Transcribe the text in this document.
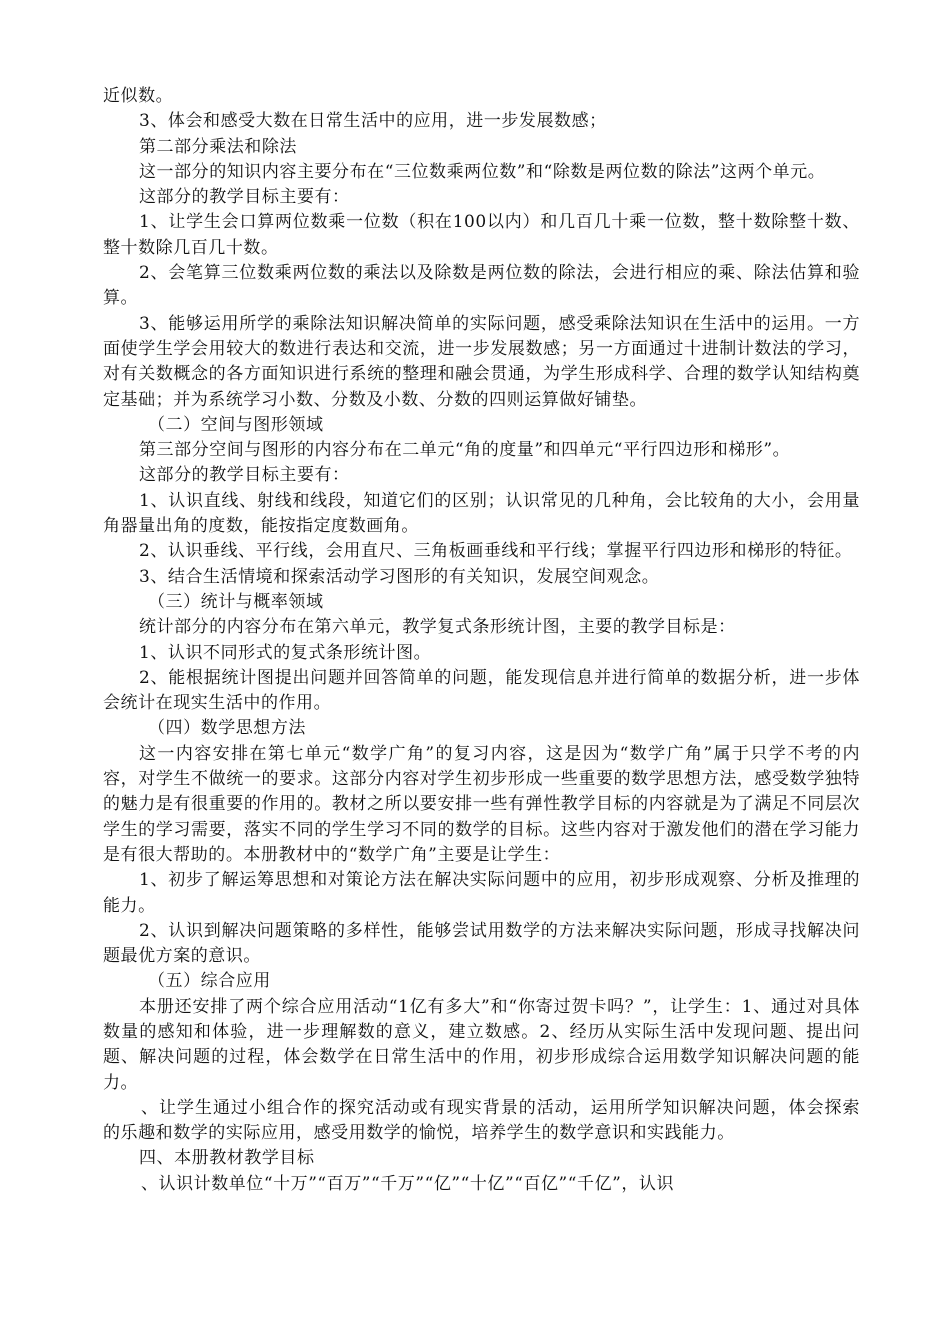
近似数。

3、体会和感受大数在日常生活中的应用，进一步发展数感；

第二部分乘法和除法

这一部分的知识内容主要分布在“三位数乘两位数”和“除数是两位数的除法”这两个单元。

这部分的教学目标主要有：

1、让学生会口算两位数乘一位数（积在100以内）和几百几十乘一位数，整十数除整十数、整十数除几百几十数。

2、会笔算三位数乘两位数的乘法以及除数是两位数的除法，会进行相应的乘、除法估算和验算。

3、能够运用所学的乘除法知识解决简单的实际问题，感受乘除法知识在生活中的运用。一方面使学生学会用较大的数进行表达和交流，进一步发展数感；另一方面通过十进制计数法的学习，对有关数概念的各方面知识进行系统的整理和融会贯通，为学生形成科学、合理的数学认知结构奠定基础；并为系统学习小数、分数及小数、分数的四则运算做好铺垫。

（二）空间与图形领域

第三部分空间与图形的内容分布在二单元“角的度量”和四单元“平行四边形和梯形”。

这部分的教学目标主要有：

1、认识直线、射线和线段，知道它们的区别；认识常见的几种角，会比较角的大小，会用量角器量出角的度数，能按指定度数画角。

2、认识垂线、平行线，会用直尺、三角板画垂线和平行线；掌握平行四边形和梯形的特征。

3、结合生活情境和探索活动学习图形的有关知识，发展空间观念。

（三）统计与概率领域

统计部分的内容分布在第六单元，教学复式条形统计图，主要的教学目标是：

1、认识不同形式的复式条形统计图。

2、能根据统计图提出问题并回答简单的问题，能发现信息并进行简单的数据分析，进一步体会统计在现实生活中的作用。

（四）数学思想方法

这一内容安排在第七单元“数学广角”的复习内容，这是因为“数学广角”属于只学不考的内容，对学生不做统一的要求。这部分内容对学生初步形成一些重要的数学思想方法，感受数学独特的魅力是有很重要的作用的。教材之所以要安排一些有弹性教学目标的内容就是为了满足不同层次学生的学习需要，落实不同的学生学习不同的数学的目标。这些内容对于激发他们的潜在学习能力是有很大帮助的。本册教材中的“数学广角”主要是让学生：

1、初步了解运筹思想和对策论方法在解决实际问题中的应用，初步形成观察、分析及推理的能力。

2、认识到解决问题策略的多样性，能够尝试用数学的方法来解决实际问题，形成寻找解决问题最优方案的意识。

（五）综合应用

本册还安排了两个综合应用活动“1亿有多大”和“你寄过贺卡吗？”，让学生：1、通过对具体数量的感知和体验，进一步理解数的意义，建立数感。2、经历从实际生活中发现问题、提出问题、解决问题的过程，体会数学在日常生活中的作用，初步形成综合运用数学知识解决问题的能力。

、让学生通过小组合作的探究活动或有现实背景的活动，运用所学知识解决问题，体会探索的乐趣和数学的实际应用，感受用数学的愉悦，培养学生的数学意识和实践能力。

四、本册教材教学目标

、认识计数单位“十万”“百万”“千万”“亿”“十亿”“百亿”“千亿”，认识
